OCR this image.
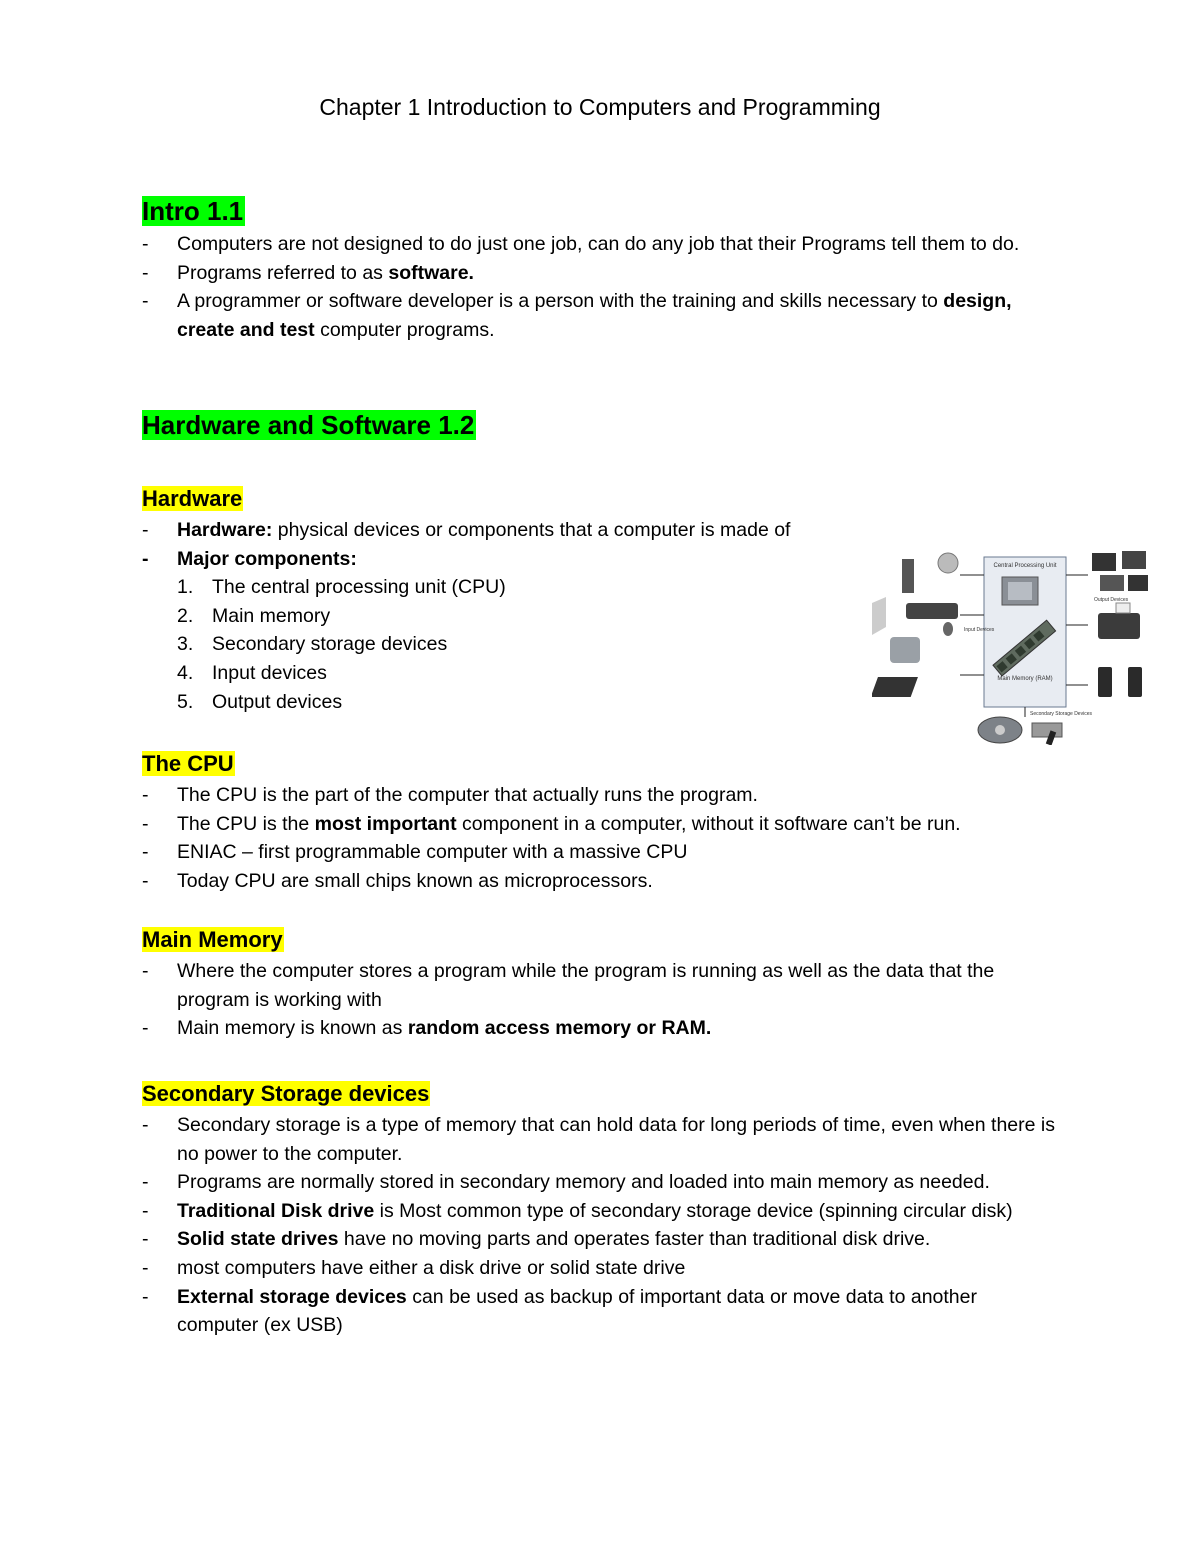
Chapter 1 Introduction to Computers and Programming
Intro 1.1
- Computers are not designed to do just one job, can do any job that their Programs tell them to do.
- Programs referred to as software.
- A programmer or software developer is a person with the training and skills necessary to design, create and test computer programs.
Hardware and Software 1.2
Hardware
- Hardware: physical devices or components that a computer is made of
- Major components:
1. The central processing unit (CPU)
2. Main memory
3. Secondary storage devices
4. Input devices
5. Output devices
Central Processing Unit
Main Memory (RAM)
Secondary Storage Devices
Input Devices
Output Devices
The CPU
- The CPU is the part of the computer that actually runs the program.
- The CPU is the most important component in a computer, without it software can’t be run.
- ENIAC – first programmable computer with a massive CPU
- Today CPU are small chips known as microprocessors.
Main Memory
- Where the computer stores a program while the program is running as well as the data that the program is working with
- Main memory is known as random access memory or RAM.
Secondary Storage devices
- Secondary storage is a type of memory that can hold data for long periods of time, even when there is no power to the computer.
- Programs are normally stored in secondary memory and loaded into main memory as needed.
- Traditional Disk drive is Most common type of secondary storage device (spinning circular disk)
- Solid state drives have no moving parts and operates faster than traditional disk drive.
- most computers have either a disk drive or solid state drive
- External storage devices can be used as backup of important data or move data to another computer (ex USB)
